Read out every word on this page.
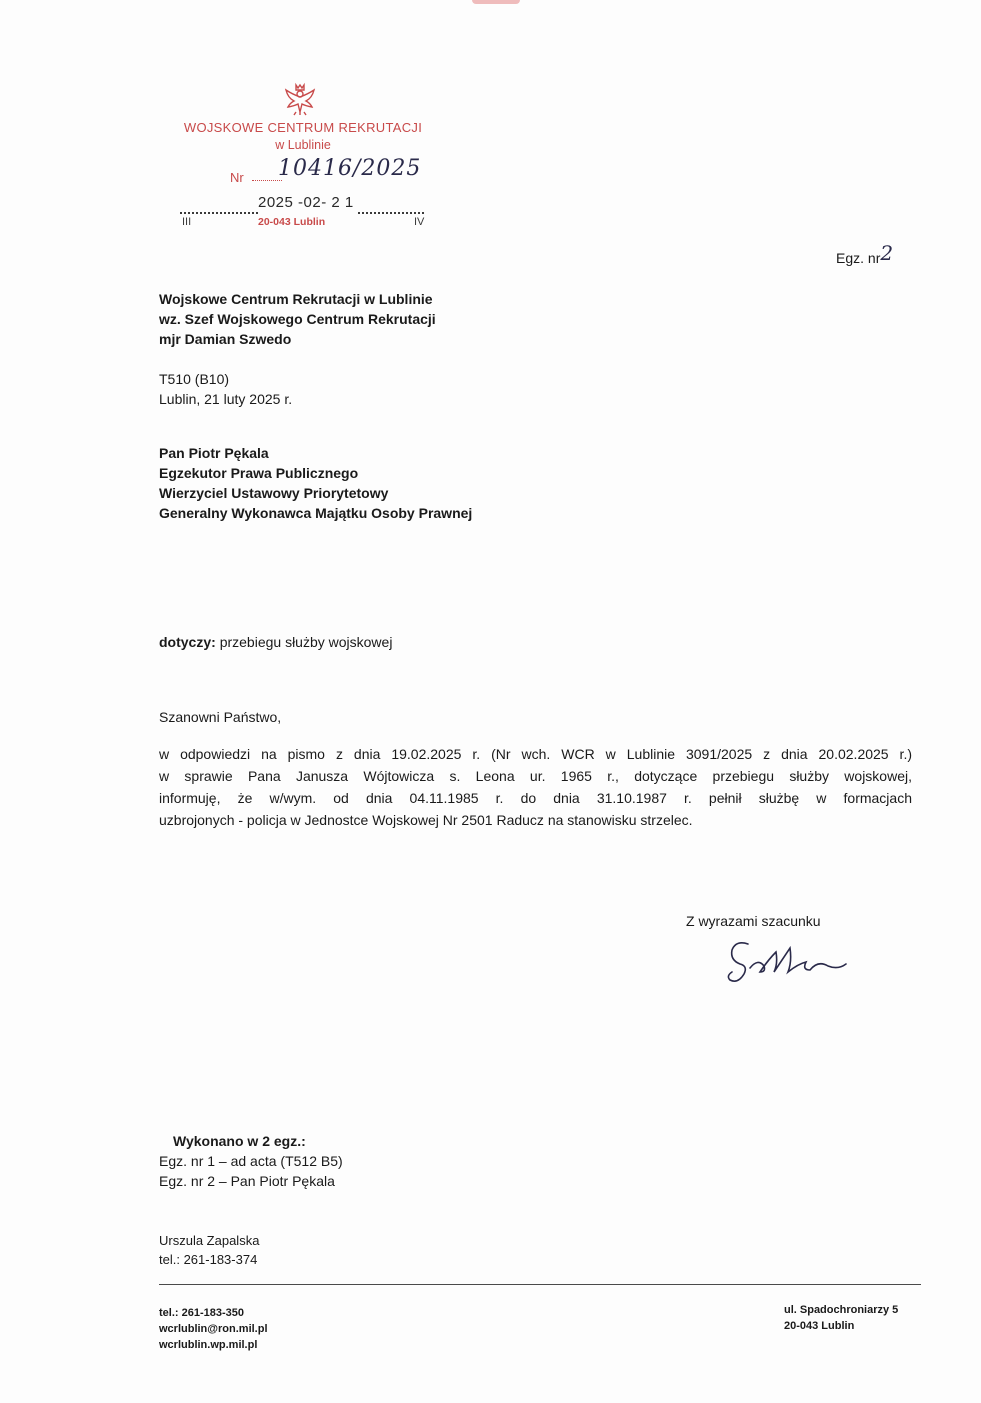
WOJSKOWE CENTRUM REKRUTACJI
w Lublinie
Nr 10416/2025
2025 -02- 2 1
III	20-043 Lublin	IV
Egz. nr2
Wojskowe Centrum Rekrutacji w Lublinie
wz. Szef Wojskowego Centrum Rekrutacji
mjr Damian Szwedo
T510 (B10)
Lublin, 21 luty 2025 r.
Pan Piotr Pękala
Egzekutor Prawa Publicznego
Wierzyciel Ustawowy Priorytetowy
Generalny Wykonawca Majątku Osoby Prawnej
dotyczy: przebiegu służby wojskowej
Szanowni Państwo,
w odpowiedzi na pismo z dnia 19.02.2025 r. (Nr wch. WCR w Lublinie 3091/2025 z dnia 20.02.2025 r.)
w sprawie Pana Janusza Wójtowicza s. Leona ur. 1965 r., dotyczące przebiegu służby wojskowej,
informuję, że w/wym. od dnia 04.11.1985 r. do dnia 31.10.1987 r. pełnił służbę w formacjach
uzbrojonych - policja w Jednostce Wojskowej Nr 2501 Raducz na stanowisku strzelec.
Z wyrazami szacunku
Wykonano w 2 egz.:
Egz. nr 1 – ad acta (T512 B5)
Egz. nr 2 – Pan Piotr Pękala
Urszula Zapalska
tel.: 261-183-374
tel.: 261-183-350
wcrlublin@ron.mil.pl
wcrlublin.wp.mil.pl
ul. Spadochroniarzy 5
20-043 Lublin
